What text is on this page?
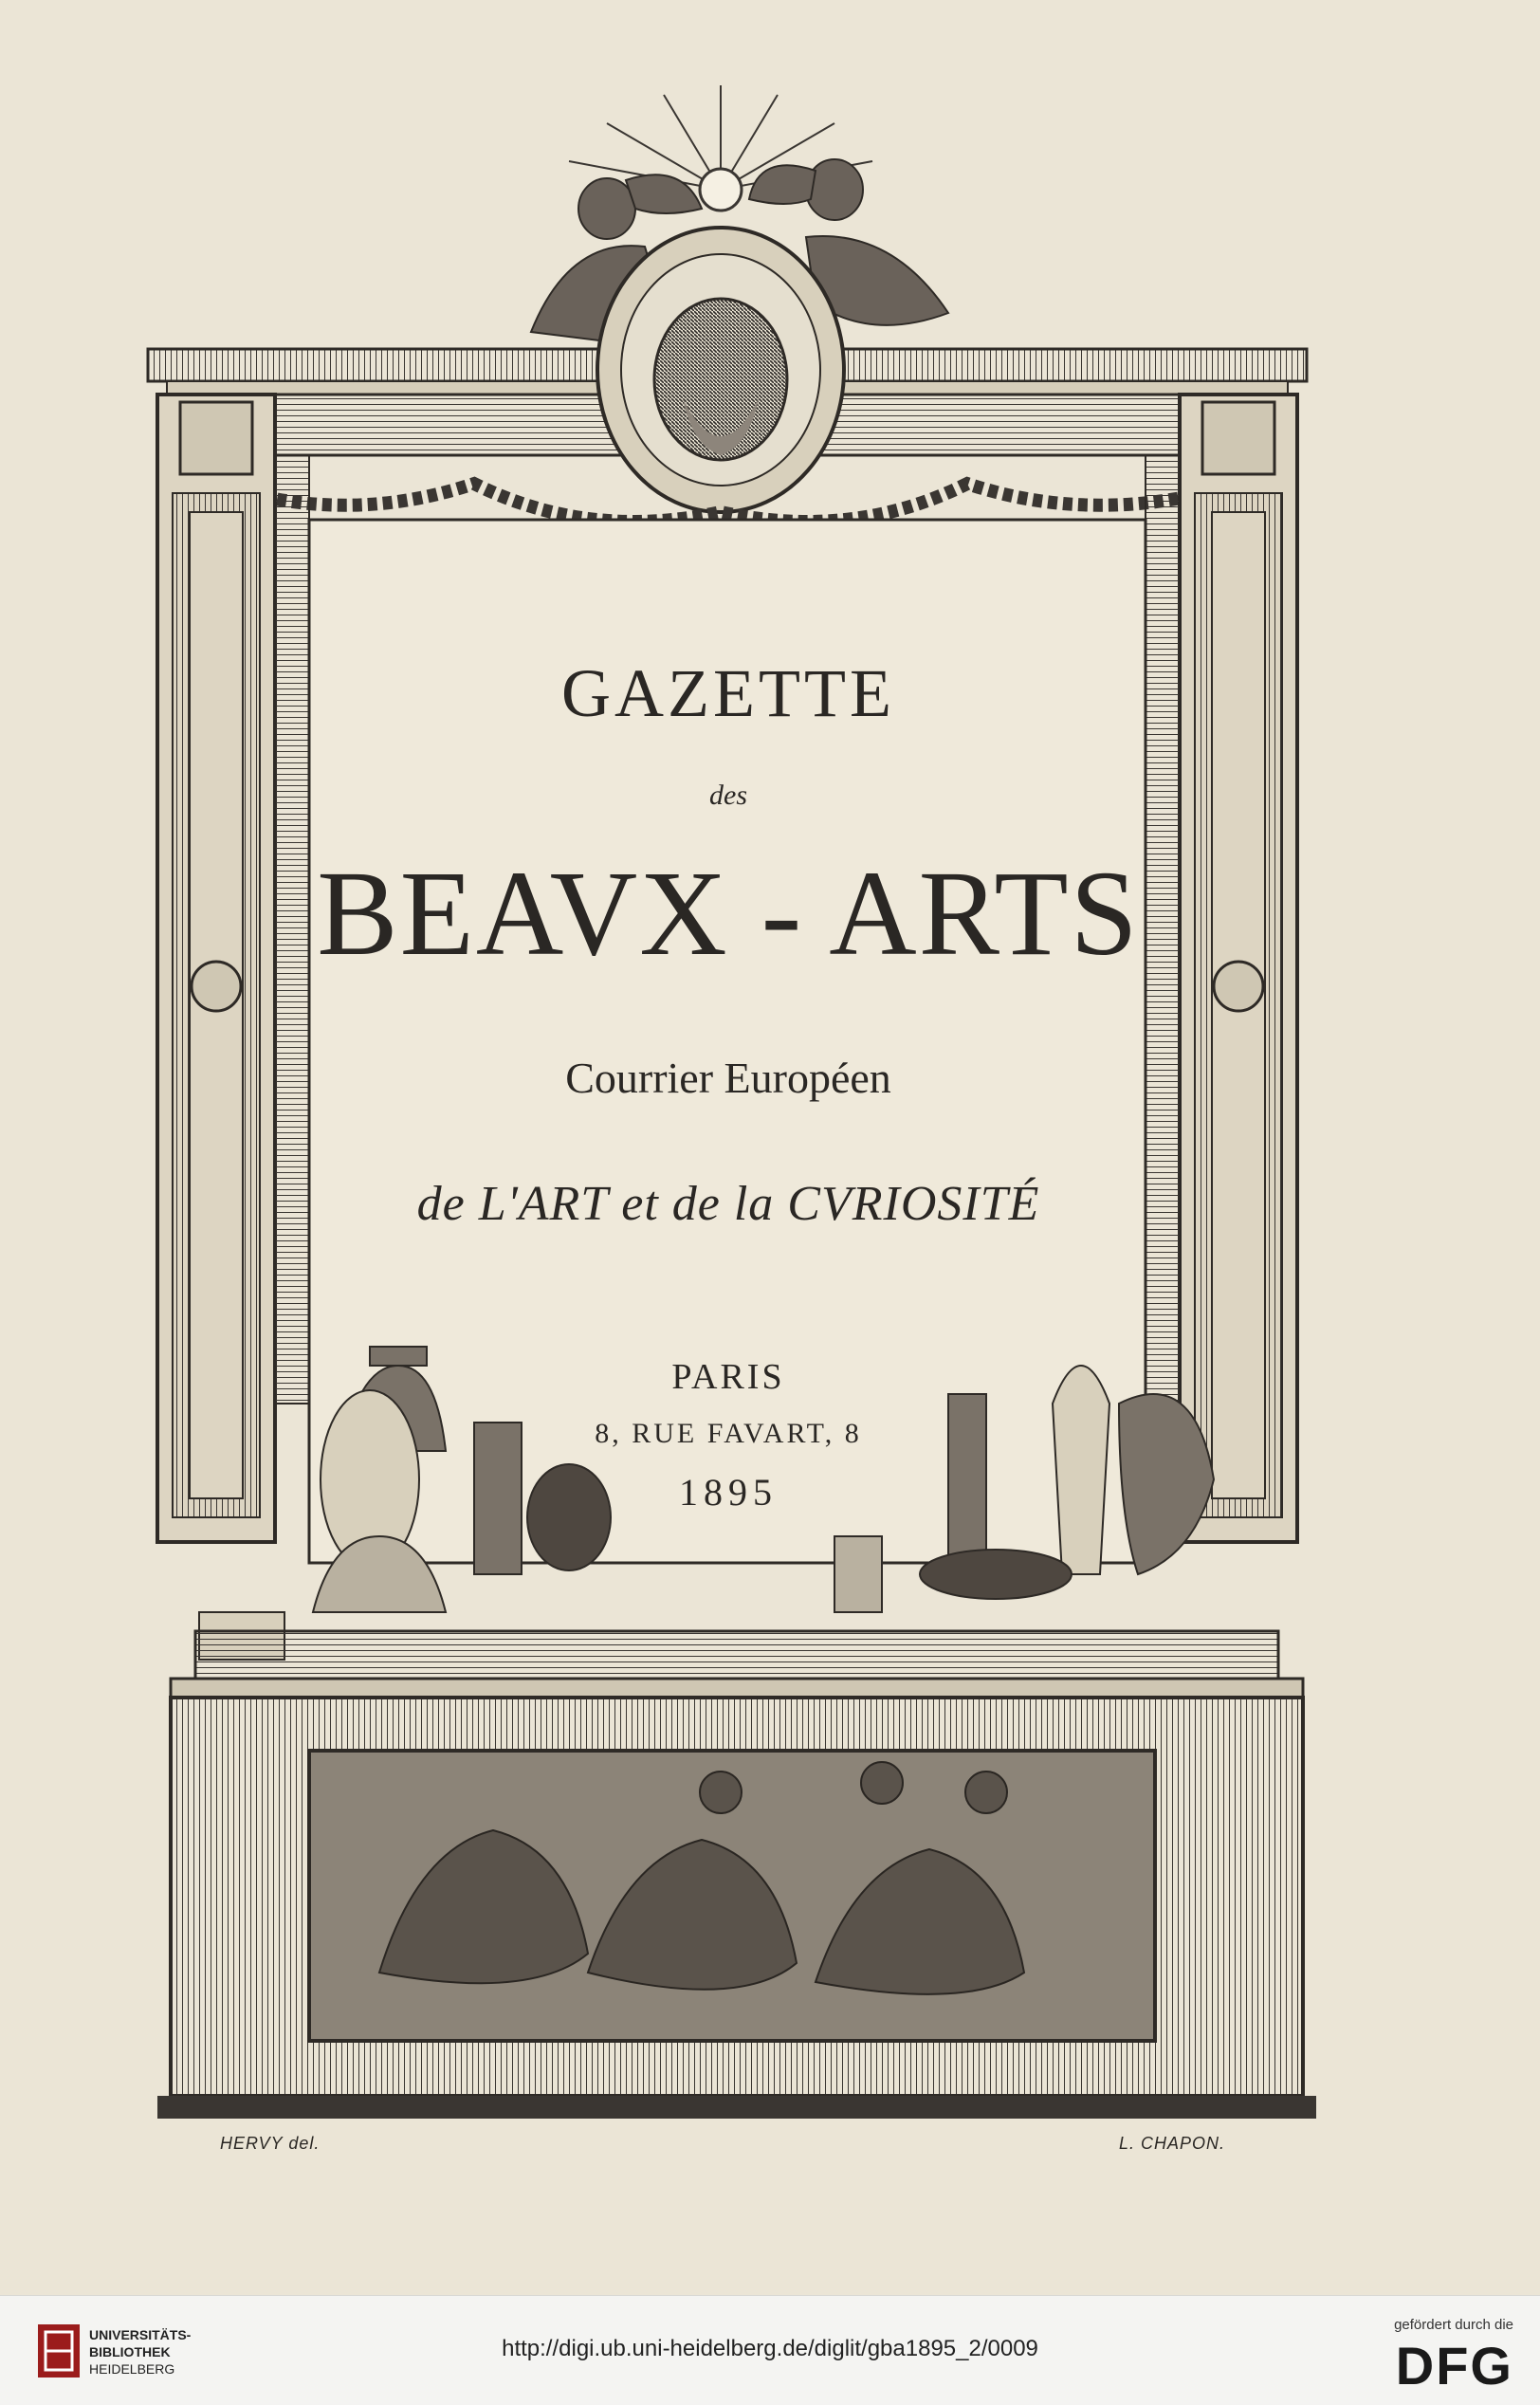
GAZETTE
des
BEAVX - ARTS
Courrier Européen
de L'ART et de la CVRIOSITÉ
PARIS
8, RUE FAVART, 8
1895
HERVY del.	L. CHAPON.
UNIVERSITÄTS-
BIBLIOTHEK
HEIDELBERG
http://digi.ub.uni-heidelberg.de/diglit/gba1895_2/0009
gefördert durch die
DFG
